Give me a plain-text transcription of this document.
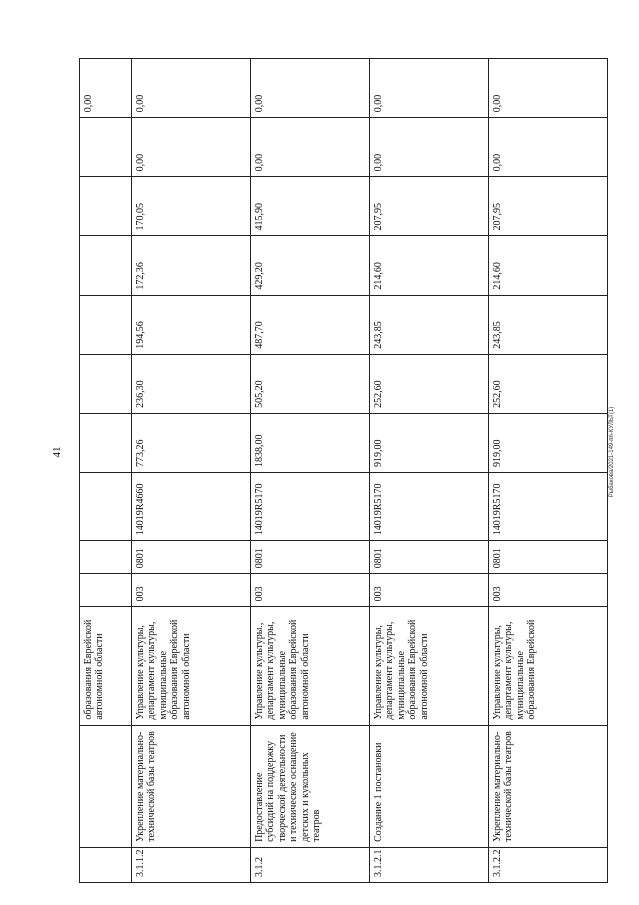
41
		образования Еврейской автономной области										0,00
3.1.1.2	Укрепление материально-технической базы театров	Управление культуры, департамент культуры, муниципальные образования Еврейской автономной области	003	0801	14019R4660	773,26	236,30	194,56	172,36	170,05	0,00	0,00
3.1.2	Предоставление субсидий на поддержку творческой деятельности и техническое оснащение детских и кукольных театров	Управление культуры., департамент культуры, муниципальные образования Еврейской автономной области	003	0801	14019R5170	1838,00	505,20	487,70	429,20	415,90	0,00	0,00
3.1.2.1	Создание 1 постановки	Управление культуры, департамент культуры, муниципальные образования Еврейской автономной области	003	0801	14019R5170	919,00	252,60	243,85	214,60	207,95	0,00	0,00
3.1.2.2	Укрепление материально-технической базы театров	Управление культуры, департамент культуры, муниципальные образования Еврейской	003	0801	14019R5170	919,00	252,60	243,85	214,60	207,95	0,00	0,00
Рыбакова/2021-149-пп-КУЛЬТ(1)
